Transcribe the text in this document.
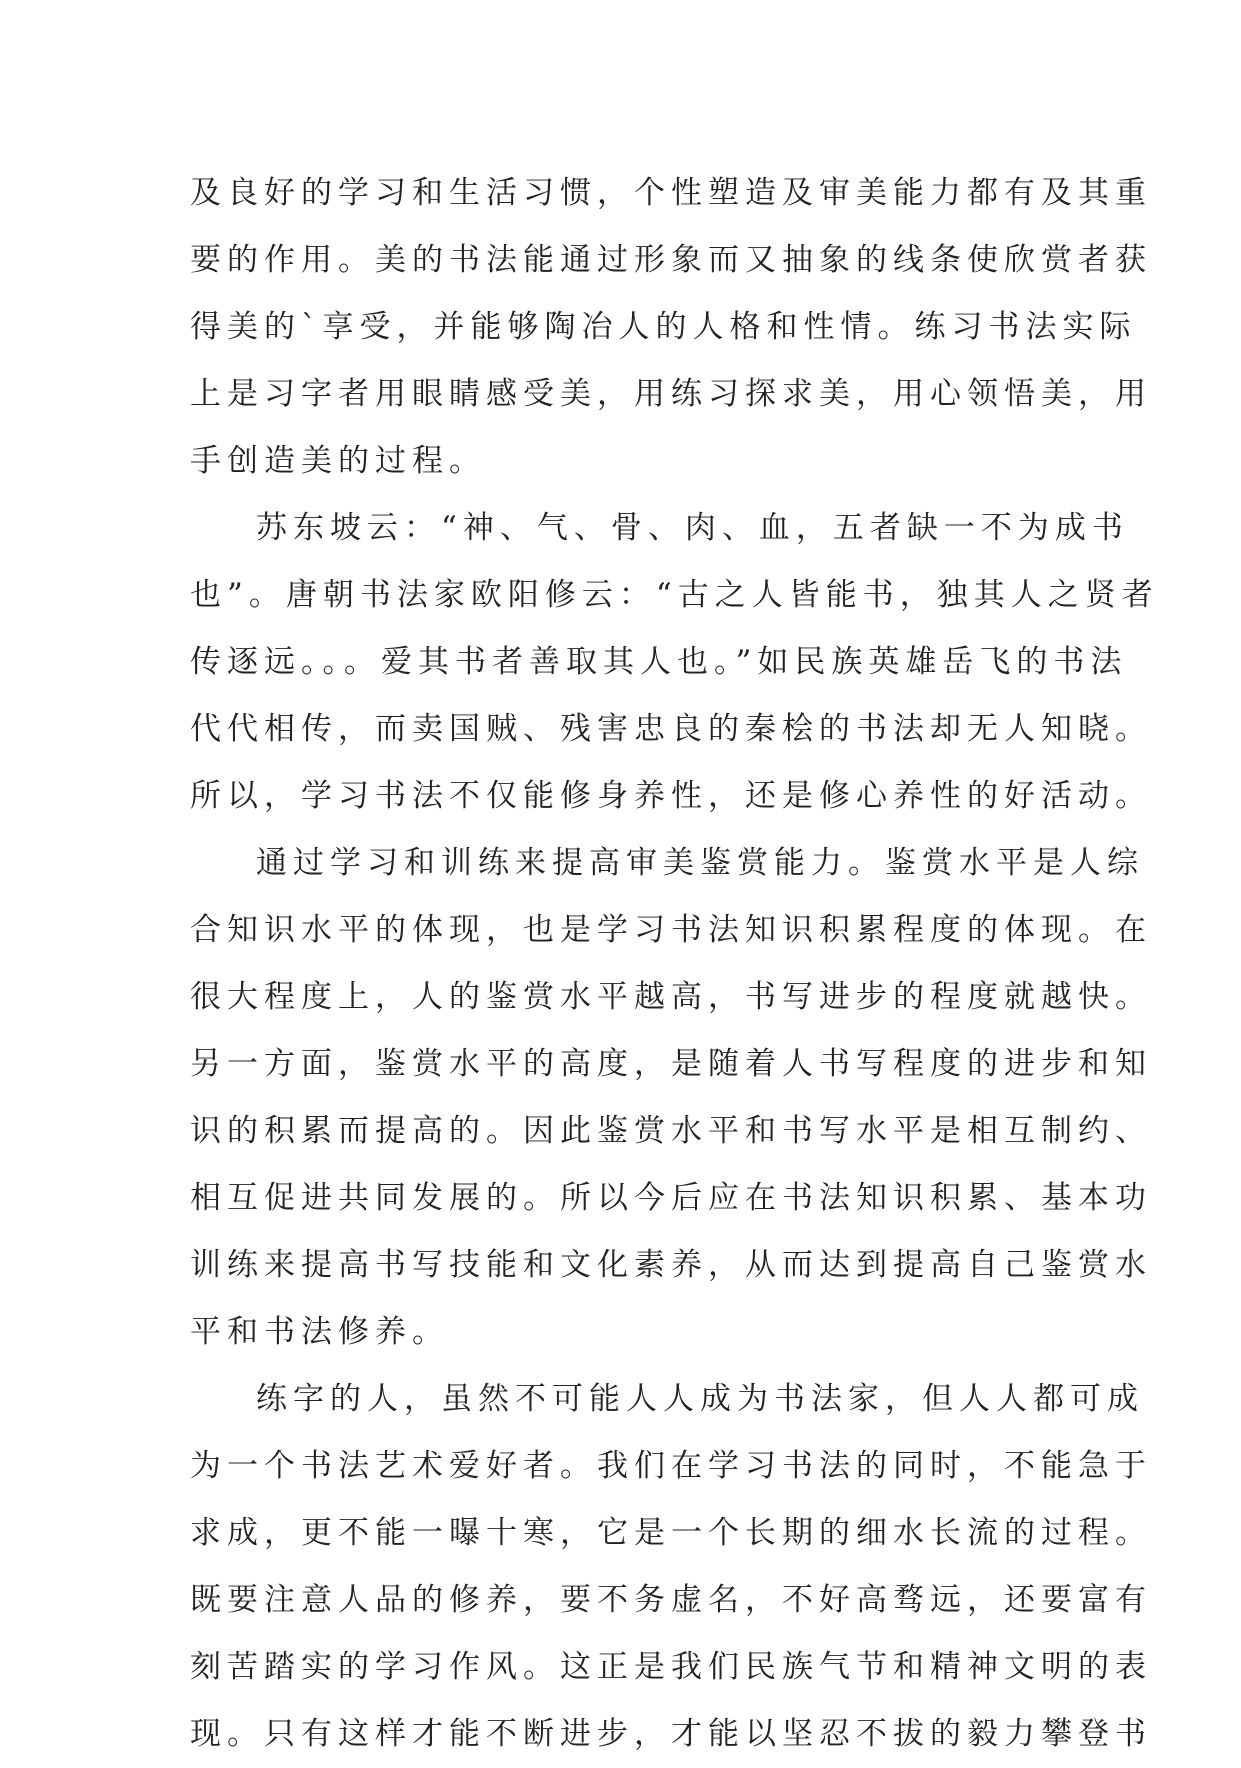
及良好的学习和生活习惯，个性塑造及审美能力都有及其重
要的作用。美的书法能通过形象而又抽象的线条使欣赏者获
得美的`享受，并能够陶冶人的人格和性情。练习书法实际
上是习字者用眼睛感受美，用练习探求美，用心领悟美，用
手创造美的过程。
苏东坡云：“神、气、骨、肉、血，五者缺一不为成书
也”。唐朝书法家欧阳修云：“古之人皆能书，独其人之贤者
传逐远。。。爱其书者善取其人也。”如民族英雄岳飞的书法
代代相传，而卖国贼、残害忠良的秦桧的书法却无人知晓。
所以，学习书法不仅能修身养性，还是修心养性的好活动。
通过学习和训练来提高审美鉴赏能力。鉴赏水平是人综
合知识水平的体现，也是学习书法知识积累程度的体现。在
很大程度上，人的鉴赏水平越高，书写进步的程度就越快。
另一方面，鉴赏水平的高度，是随着人书写程度的进步和知
识的积累而提高的。因此鉴赏水平和书写水平是相互制约、
相互促进共同发展的。所以今后应在书法知识积累、基本功
训练来提高书写技能和文化素养，从而达到提高自己鉴赏水
平和书法修养。
练字的人，虽然不可能人人成为书法家，但人人都可成
为一个书法艺术爱好者。我们在学习书法的同时，不能急于
求成，更不能一曝十寒，它是一个长期的细水长流的过程。
既要注意人品的修养，要不务虚名，不好高骛远，还要富有
刻苦踏实的学习作风。这正是我们民族气节和精神文明的表
现。只有这样才能不断进步，才能以坚忍不拔的毅力攀登书
